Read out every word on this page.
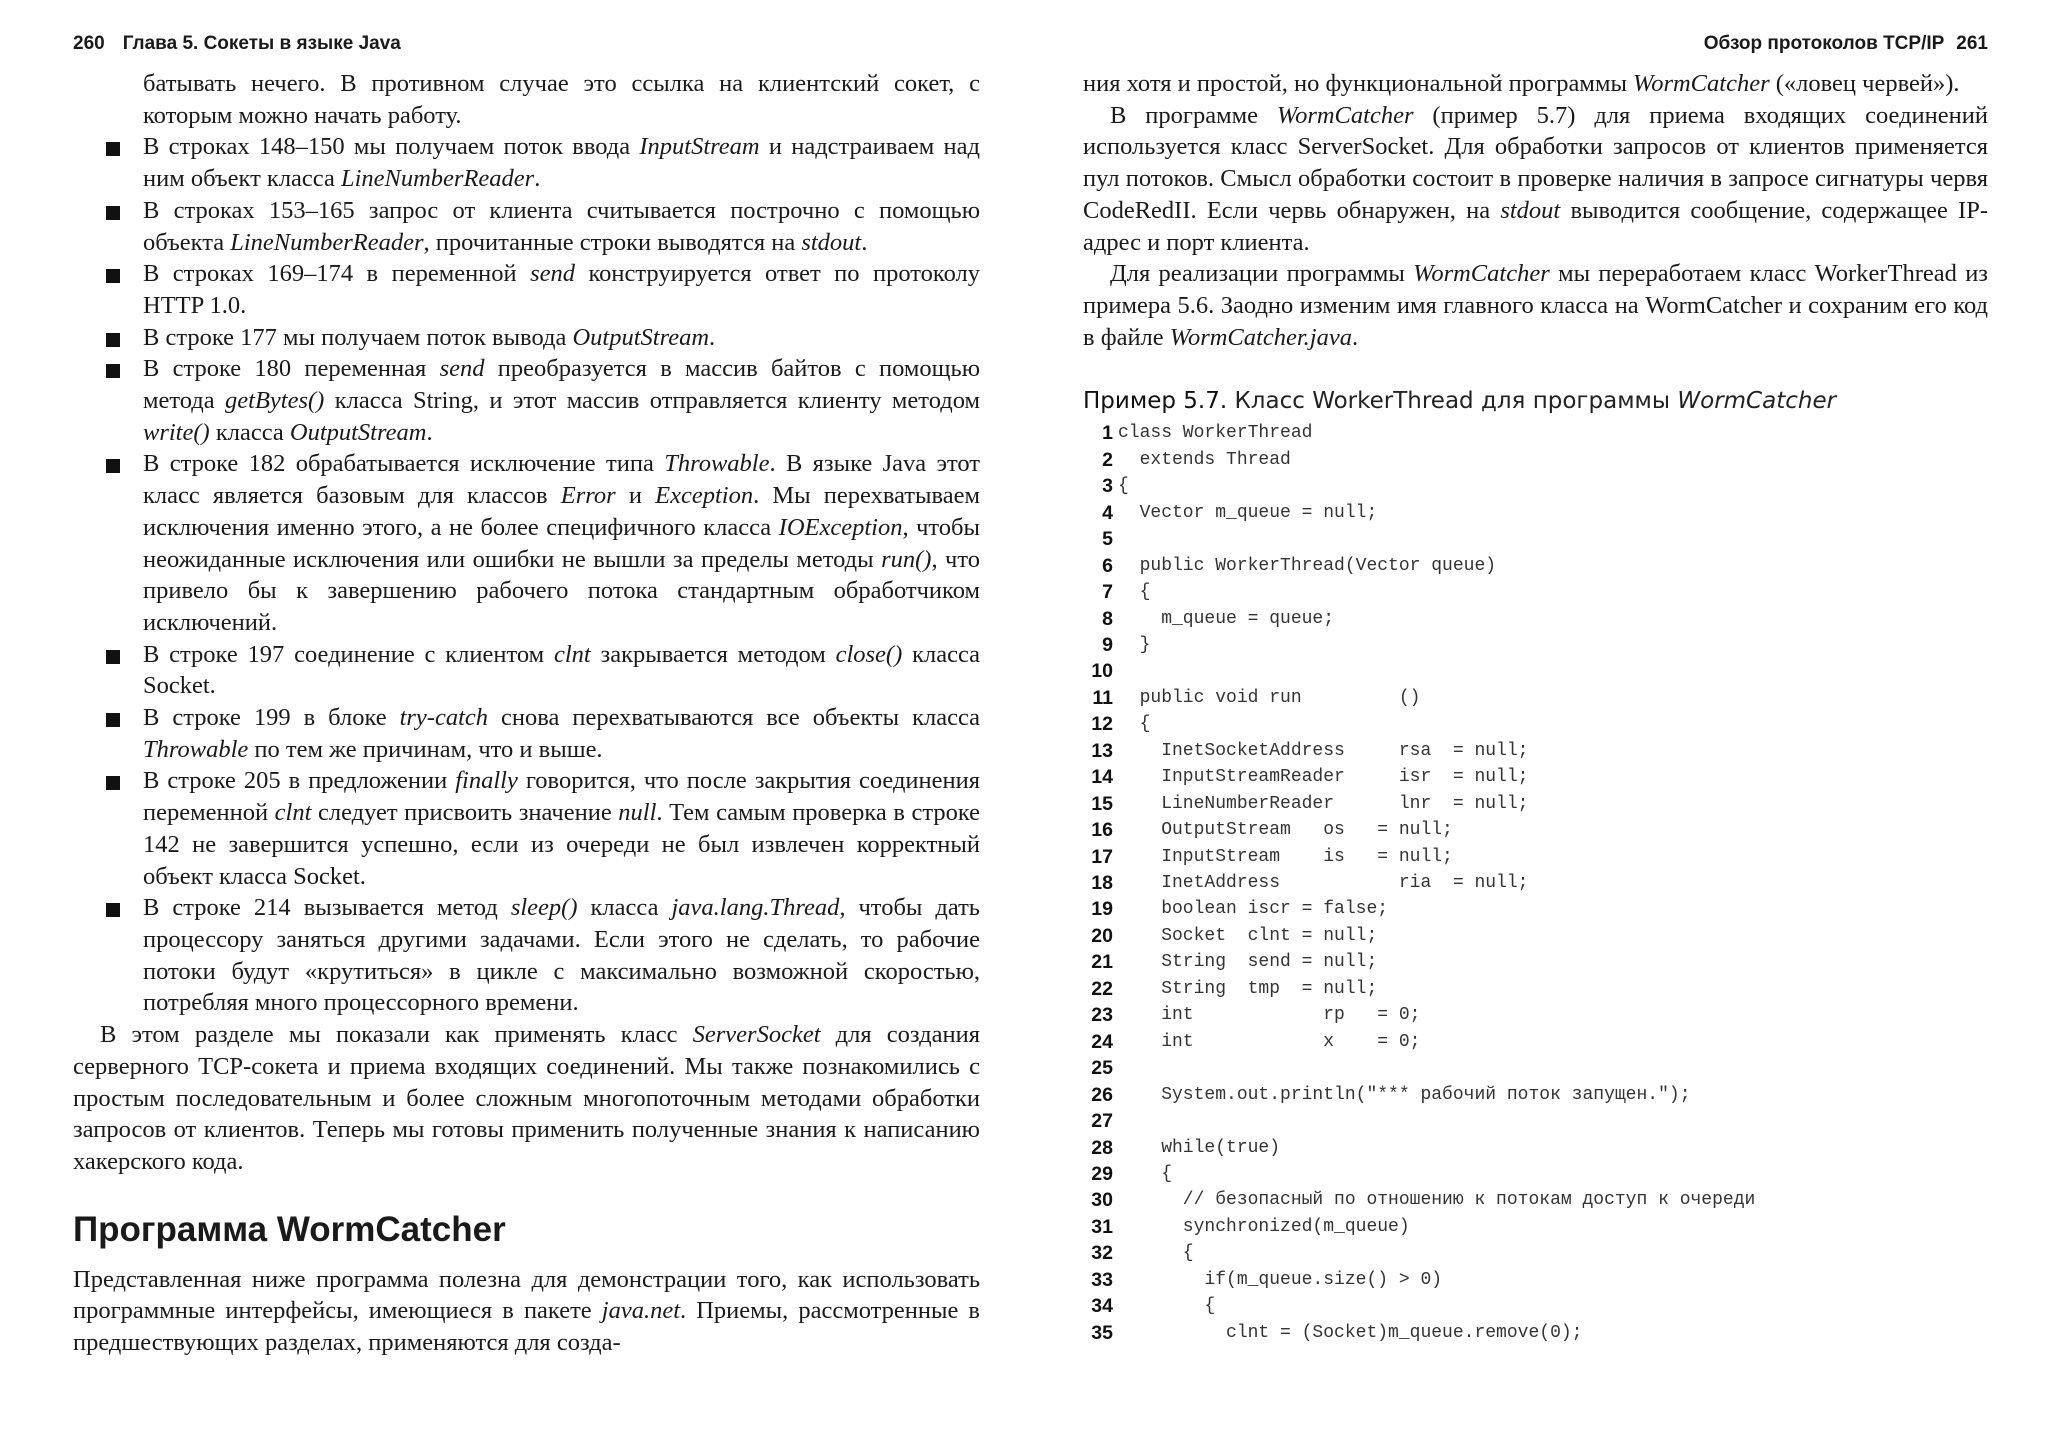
260 Глава 5. Сокеты в языке Java

батывать нечего. В противном случае это ссылка на клиентский сокет, с которым можно начать работу.

В строках 148–150 мы получаем поток ввода InputStream и надстраиваем над ним объект класса LineNumberReader.
В строках 153–165 запрос от клиента считывается построчно с помощью объекта LineNumberReader, прочитанные строки выводятся на stdout.
В строках 169–174 в переменной send конструируется ответ по протоколу HTTP 1.0.
В строке 177 мы получаем поток вывода OutputStream.
В строке 180 переменная send преобразуется в массив байтов с помощью метода getBytes() класса String, и этот массив отправляется клиенту методом write() класса OutputStream.
В строке 182 обрабатывается исключение типа Throwable. В языке Java этот класс является базовым для классов Error и Exception. Мы перехватываем исключения именно этого, а не более специфичного класса IOException, чтобы неожиданные исключения или ошибки не вышли за пределы методы run(), что привело бы к завершению рабочего потока стандартным обработчиком исключений.
В строке 197 соединение с клиентом clnt закрывается методом close() класса Socket.
В строке 199 в блоке try-catch снова перехватываются все объекты класса Throwable по тем же причинам, что и выше.
В строке 205 в предложении finally говорится, что после закрытия соединения переменной clnt следует присвоить значение null. Тем самым проверка в строке 142 не завершится успешно, если из очереди не был извлечен корректный объект класса Socket.
В строке 214 вызывается метод sleep() класса java.lang.Thread, чтобы дать процессору заняться другими задачами. Если этого не сделать, то рабочие потоки будут «крутиться» в цикле с максимально возможной скоростью, потребляя много процессорного времени.

В этом разделе мы показали как применять класс ServerSocket для создания серверного TCP-сокета и приема входящих соединений. Мы также познакомились с простым последовательным и более сложным многопоточным методами обработки запросов от клиентов. Теперь мы готовы применить полученные знания к написанию хакерского кода.

Программа WormCatcher

Представленная ниже программа полезна для демонстрации того, как использовать программные интерфейсы, имеющиеся в пакете java.net. Приемы, рассмотренные в предшествующих разделах, применяются для созда-

Обзор протоколов TCP/IP 261

ния хотя и простой, но функциональной программы WormCatcher («ловец червей»).

В программе WormCatcher (пример 5.7) для приема входящих соединений используется класс ServerSocket. Для обработки запросов от клиентов применяется пул потоков. Смысл обработки состоит в проверке наличия в запросе сигнатуры червя CodeRedII. Если червь обнаружен, на stdout выводится сообщение, содержащее IP-адрес и порт клиента.

Для реализации программы WormCatcher мы переработаем класс WorkerThread из примера 5.6. Заодно изменим имя главного класса на WormCatcher и сохраним его код в файле WormCatcher.java.

Пример 5.7. Класс WorkerThread для программы WormCatcher
1 class WorkerThread
2 extends Thread
3 {
4 Vector m_queue = null;
5
6 public WorkerThread(Vector queue)
7 {
8 m_queue = queue;
9 }
10
11 public void run         ()
12 {
13 InetSocketAddress     rsa  = null;
14 InputStreamReader     isr  = null;
15 LineNumberReader      lnr  = null;
16 OutputStream   os   = null;
17 InputStream    is   = null;
18 InetAddress           ria  = null;
19 boolean iscr = false;
20 Socket  clnt = null;
21 String  send = null;
22 String  tmp  = null;
23 int            rp   = 0;
24 int            x    = 0;
25
26 System.out.println("*** рабочий поток запущен.");
27
28 while(true)
29 {
30 // безопасный по отношению к потокам доступ к очереди
31 synchronized(m_queue)
32 {
33 if(m_queue.size() > 0)
34 {
35 clnt = (Socket)m_queue.remove(0);
